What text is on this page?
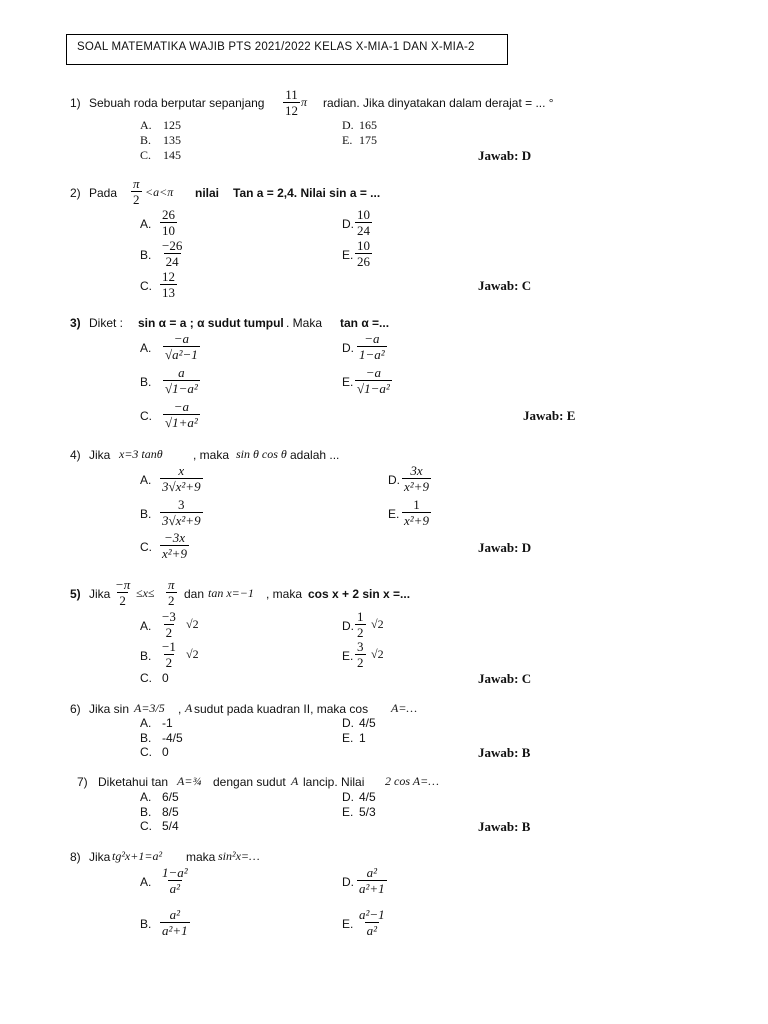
SOAL MATEMATIKA WAJIB PTS 2021/2022 KELAS X-MIA-1 DAN X-MIA-2
1) Sebuah roda berputar sepanjang $\frac{11}{12}$ π radian. Jika dinyatakan dalam derajat = ... °
A. 125
B. 135
C. 145
D. 165
E. 175
Jawab: D
2) Pada $\frac{\pi}{2} <a<\pi$ nilai Tan a = 2,4. Nilai sin a = ...
A. $\frac{26}{10}$
B. $\frac{-26}{24}$
C. $\frac{12}{13}$
D. $\frac{10}{24}$
E. $\frac{10}{26}$
Jawab: C
3) Diket : sin α = a ; α sudut tumpul . Maka tan α =...
A. $\frac{-a}{\text{√a²−1}}$
B. $\frac{a}{\text{√1−a²}}$
C. $\frac{-a}{\text{√1+a²}}$
D. $\frac{-a}{\text{1−a²}}$
E. $\frac{-a}{\text{√1−a²}}$
Jawab: E
4) Jika x=3 tanθ	, maka sin θ cos θ adalah ...
A. $\frac{x}{\text{3√x²+9}}$
B. $\frac{3}{\text{3√x²+9}}$
C. $\frac{-3x}{\text{x²+9}}$
D. $\frac{3x}{\text{x²+9}}$
E. $\frac{1}{\text{x²+9}}$
Jawab: D
5) Jika $\frac{-\pi}{2} \le x\le \frac{\pi}{2}$ dan tan x=−1 , maka cos x + 2 sin x =...
A. $\frac{-3}{2} √2$
B. $\frac{-1}{2} √2$
C. 0
D. $\frac{1}{2} √2$
E. $\frac{3}{2} √2$
Jawab: C
6) Jika sin A=3/5 , A sudut pada kuadran II, maka cos A=…
A. -1
B. -4/5
C. 0
D. 4/5
E. 1
Jawab: B
7) Diketahui tan A=¾ dengan sudut A lancip. Nilai 2 cos A=…
A. 6/5
B. 8/5
C. 5/4
D. 4/5
E. 5/3
Jawab: B
8) Jika tg²x+1=a² maka sin²x=…
A. $\frac{\text{1−a²}}{\text{a²}}$
B. $\frac{\text{a²}}{\text{a²+1}}$
D. $\frac{\text{a²}}{\text{a²+1}}$
E. $\frac{\text{a²−1}}{\text{a²}}$
